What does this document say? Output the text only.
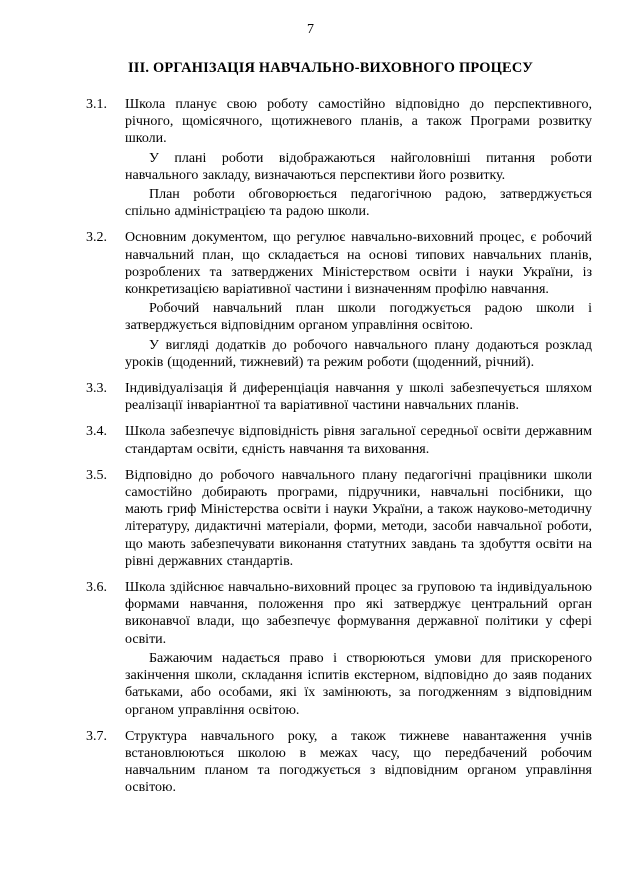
7
ІІІ. ОРГАНІЗАЦІЯ НАВЧАЛЬНО-ВИХОВНОГО ПРОЦЕСУ
3.1.	Школа планує свою роботу самостійно відповідно до перспективного, річного, щомісячного, щотижневого планів, а також Програми розвитку школи.

У плані роботи відображаються найголовніші питання роботи навчального закладу, визначаються перспективи його розвитку.

План роботи обговорюється педагогічною радою, затверджується спільно адміністрацією та радою школи.

3.2.	Основним документом, що регулює навчально-виховний процес, є робочий навчальний план, що складається на основі типових навчальних планів, розроблених та затверджених Міністерством освіти і науки України, із конкретизацією варіативної частини і визначенням профілю навчання.

Робочий навчальний план школи погоджується радою школи і затверджується відповідним органом управління освітою.

У вигляді додатків до робочого навчального плану додаються розклад уроків (щоденний, тижневий) та режим роботи (щоденний, річний).

3.3.	Індивідуалізація й диференціація навчання у школі забезпечується шляхом реалізації інваріантної та варіативної частини навчальних планів.

3.4.	Школа забезпечує відповідність рівня загальної середньої освіти державним стандартам освіти, єдність навчання та виховання.

3.5.	Відповідно до робочого навчального плану педагогічні працівники школи самостійно добирають програми, підручники, навчальні посібники, що мають гриф Міністерства освіти і науки України, а також науково-методичну літературу, дидактичні матеріали, форми, методи, засоби навчальної роботи, що мають забезпечувати виконання статутних завдань та здобуття освіти на рівні державних стандартів.

3.6.	Школа здійснює навчально-виховний процес за груповою та індивідуальною формами навчання, положення про які затверджує центральний орган виконавчої влади, що забезпечує формування державної політики у сфері освіти.

Бажаючим надається право і створюються умови для прискореного закінчення школи, складання іспитів екстерном, відповідно до заяв поданих батьками, або особами, які їх замінюють, за погодженням з відповідним органом управління освітою.

3.7.	Структура навчального року, а також тижневе навантаження учнів встановлюються школою в межах часу, що передбачений робочим навчальним планом та погоджується з відповідним органом управління освітою.
